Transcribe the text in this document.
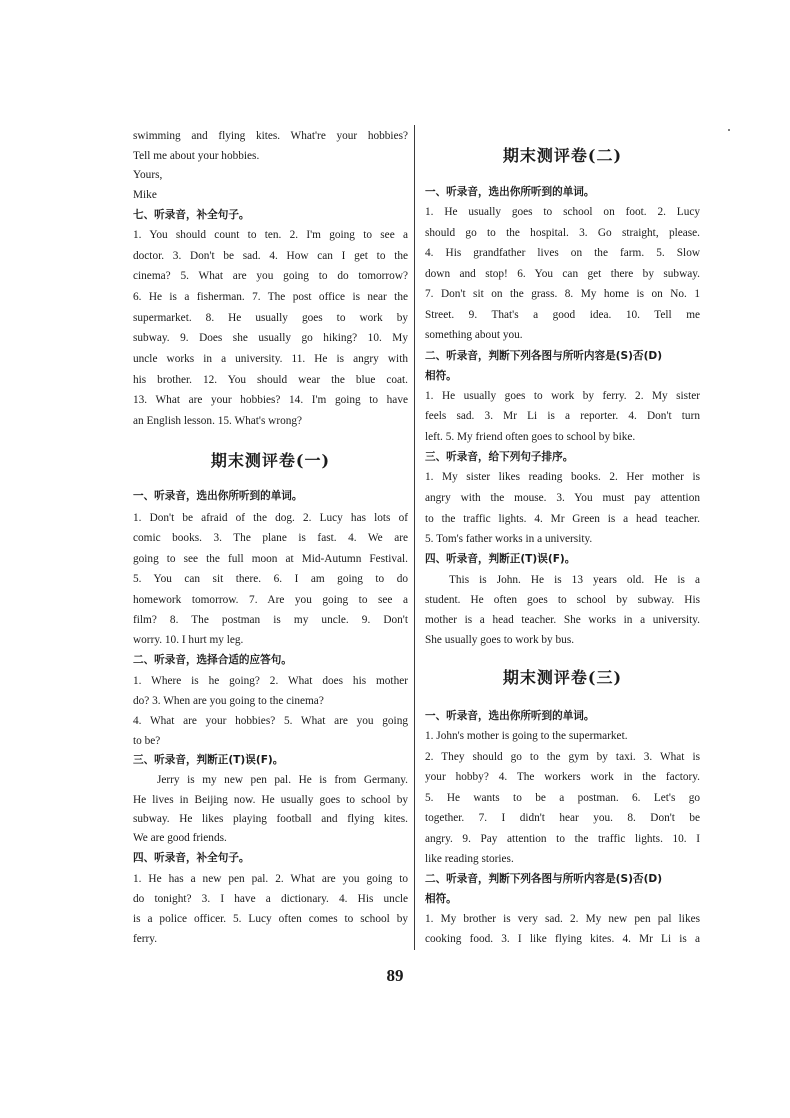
swimming and flying kites. What're your hobbies?
Tell me about your hobbies.
Yours,
Mike
七、听录音，补全句子。
1. You should count to ten. 2. I'm going to see a
doctor. 3. Don't be sad. 4. How can I get to the
cinema? 5. What are you going to do tomorrow?
6. He is a fisherman. 7. The post office is near the
supermarket. 8. He usually goes to work by
subway. 9. Does she usually go hiking? 10. My
uncle works in a university. 11. He is angry with
his brother. 12. You should wear the blue coat.
13. What are your hobbies? 14. I'm going to have
an English lesson. 15. What's wrong?
期末测评卷(一)
一、听录音，选出你所听到的单词。
1. Don't be afraid of the dog. 2. Lucy has lots of
comic books. 3. The plane is fast. 4. We are
going to see the full moon at Mid-Autumn Festival.
5. You can sit there. 6. I am going to do
homework tomorrow. 7. Are you going to see a
film? 8. The postman is my uncle. 9. Don't
worry. 10. I hurt my leg.
二、听录音，选择合适的应答句。
1. Where is he going? 2. What does his mother
do? 3. When are you going to the cinema?
4. What are your hobbies? 5. What are you going
to be?
三、听录音，判断正(T)误(F)。
Jerry is my new pen pal. He is from Germany.
He lives in Beijing now. He usually goes to school by
subway. He likes playing football and flying kites.
We are good friends.
四、听录音，补全句子。
1. He has a new pen pal. 2. What are you going to
do tonight? 3. I have a dictionary. 4. His uncle
is a police officer. 5. Lucy often comes to school by
ferry.
期末测评卷(二)
一、听录音，选出你所听到的单词。
1. He usually goes to school on foot. 2. Lucy
should go to the hospital. 3. Go straight, please.
4. His grandfather lives on the farm. 5. Slow
down and stop! 6. You can get there by subway.
7. Don't sit on the grass. 8. My home is on No. 1
Street. 9. That's a good idea. 10. Tell me
something about you.
二、听录音，判断下列各图与所听内容是(S)否(D)
相符。
1. He usually goes to work by ferry. 2. My sister
feels sad. 3. Mr Li is a reporter. 4. Don't turn
left. 5. My friend often goes to school by bike.
三、听录音，给下列句子排序。
1. My sister likes reading books. 2. Her mother is
angry with the mouse. 3. You must pay attention
to the traffic lights. 4. Mr Green is a head teacher.
5. Tom's father works in a university.
四、听录音，判断正(T)误(F)。
This is John. He is 13 years old. He is a
student. He often goes to school by subway. His
mother is a head teacher. She works in a university.
She usually goes to work by bus.
期末测评卷(三)
一、听录音，选出你所听到的单词。
1. John's mother is going to the supermarket.
2. They should go to the gym by taxi. 3. What is
your hobby? 4. The workers work in the factory.
5. He wants to be a postman. 6. Let's go
together. 7. I didn't hear you. 8. Don't be
angry. 9. Pay attention to the traffic lights. 10. I
like reading stories.
二、听录音，判断下列各图与所听内容是(S)否(D)
相符。
1. My brother is very sad. 2. My new pen pal likes
cooking food. 3. I like flying kites. 4. Mr Li is a
89
